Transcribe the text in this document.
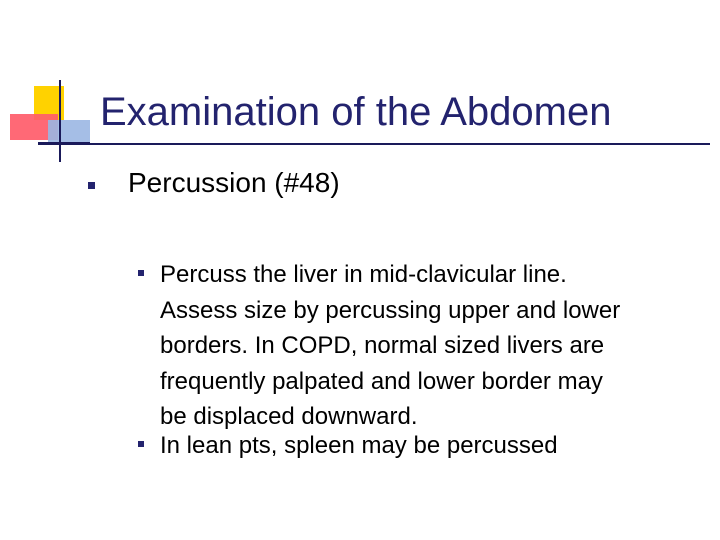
Examination of the Abdomen
Percussion (#48)
Percuss the liver in mid-clavicular line.
Assess size by percussing upper and lower
borders. In COPD, normal sized livers are
frequently palpated and lower border may
be displaced downward.
In lean pts, spleen may be percussed
